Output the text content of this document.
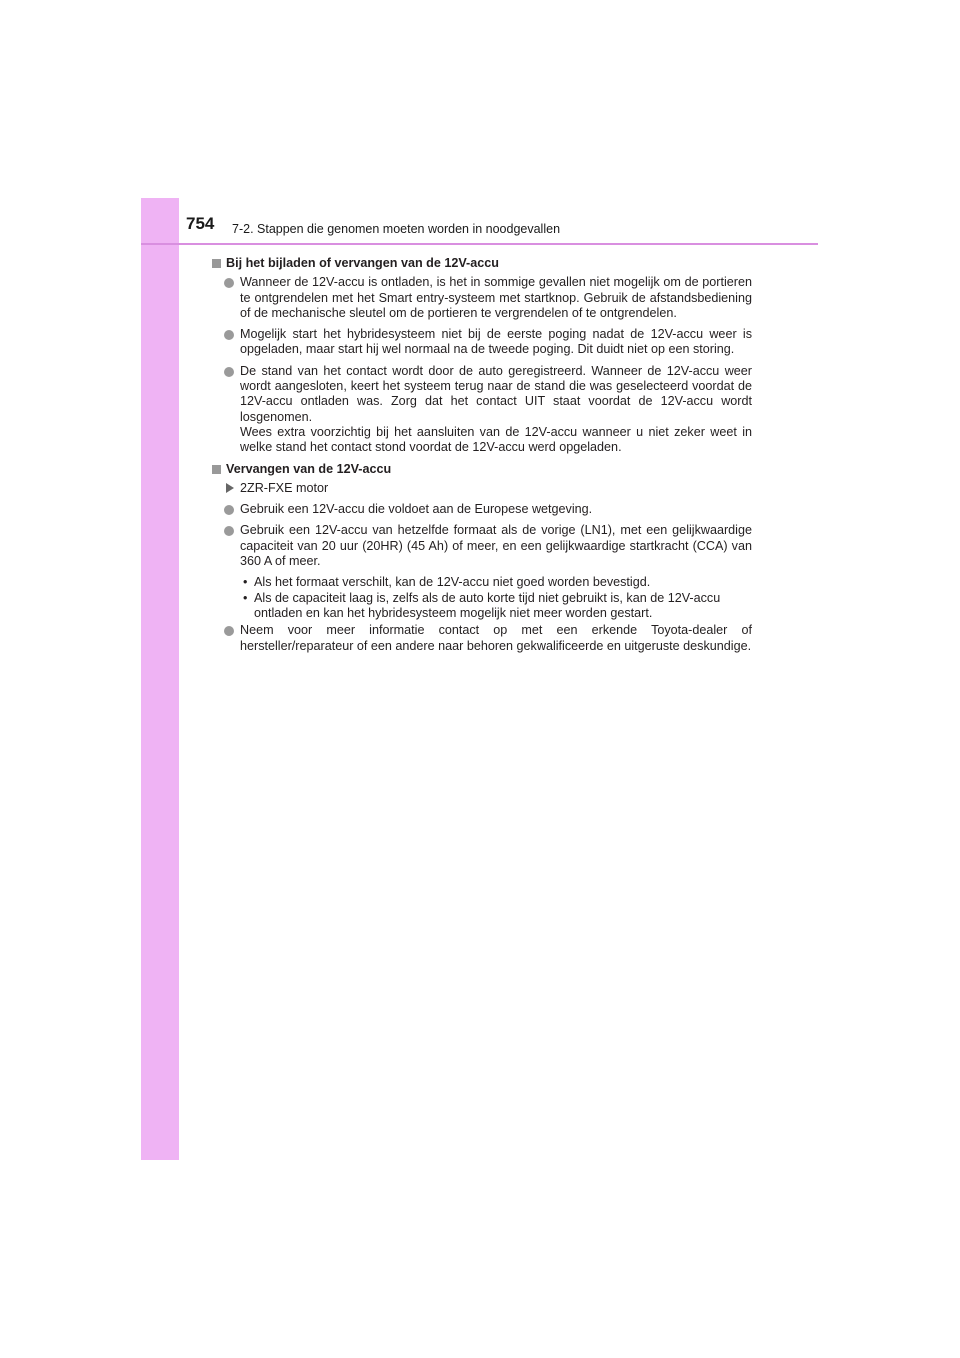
754 7-2. Stappen die genomen moeten worden in noodgevallen
Bij het bijladen of vervangen van de 12V-accu
Wanneer de 12V-accu is ontladen, is het in sommige gevallen niet mogelijk om de portieren te ontgrendelen met het Smart entry-systeem met startknop. Gebruik de afstandsbediening of de mechanische sleutel om de portieren te vergrendelen of te ontgrendelen.
Mogelijk start het hybridesysteem niet bij de eerste poging nadat de 12V-accu weer is opgeladen, maar start hij wel normaal na de tweede poging. Dit duidt niet op een storing.
De stand van het contact wordt door de auto geregistreerd. Wanneer de 12V-accu weer wordt aangesloten, keert het systeem terug naar de stand die was geselecteerd voordat de 12V-accu ontladen was. Zorg dat het contact UIT staat voordat de 12V-accu wordt losgenomen.
Wees extra voorzichtig bij het aansluiten van de 12V-accu wanneer u niet zeker weet in welke stand het contact stond voordat de 12V-accu werd opgeladen.
Vervangen van de 12V-accu
2ZR-FXE motor
Gebruik een 12V-accu die voldoet aan de Europese wetgeving.
Gebruik een 12V-accu van hetzelfde formaat als de vorige (LN1), met een gelijkwaardige capaciteit van 20 uur (20HR) (45 Ah) of meer, en een gelijkwaardige startkracht (CCA) van 360 A of meer.
• Als het formaat verschilt, kan de 12V-accu niet goed worden bevestigd.
• Als de capaciteit laag is, zelfs als de auto korte tijd niet gebruikt is, kan de 12V-accu ontladen en kan het hybridesysteem mogelijk niet meer worden gestart.
Neem voor meer informatie contact op met een erkende Toyota-dealer of hersteller/reparateur of een andere naar behoren gekwalificeerde en uitgeruste deskundige.
